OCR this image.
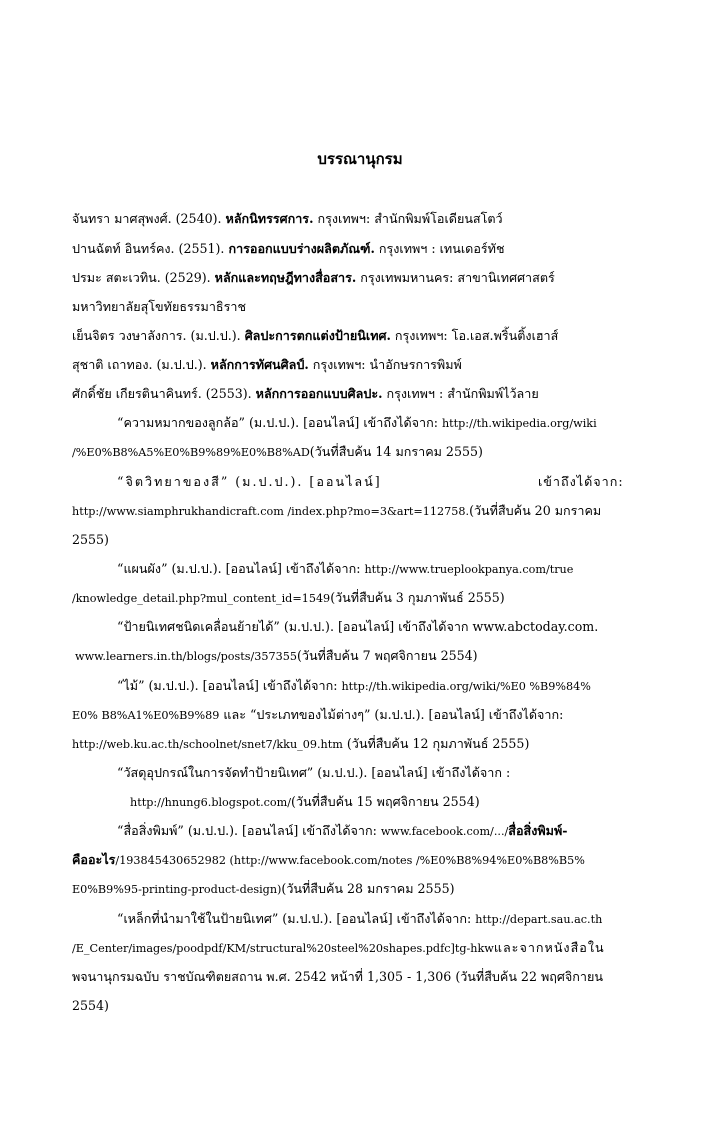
บรรณานุกรม
จันทรา มาศสุพงศ์. (2540). หลักนิทรรศการ. กรุงเทพฯ: สำนักพิมพ์โอเดียนสโตว์
ปานฉัตท์ อินทร์คง. (2551). การออกแบบร่างผลิตภัณฑ์. กรุงเทพฯ : เทนเดอร์ทัช
ปรมะ สตะเวทิน. (2529). หลักและทฤษฎีทางสื่อสาร. กรุงเทพมหานคร: สาขานิเทศศาสตร์
มหาวิทยาลัยสุโขทัยธรรมาธิราช
เย็นจิตร วงษาลังการ. (ม.ป.ป.). ศิลปะการตกแต่งป้ายนิเทศ. กรุงเทพฯ: โอ.เอส.พริ้นติ้งเฮาส์
สุชาติ เถาทอง. (ม.ป.ป.). หลักการทัศนศิลป์. กรุงเทพฯ: นำอักษรการพิมพ์
ศักดิ์ชัย เกียรตินาคินทร์. (2553). หลักการออกแบบศิลปะ. กรุงเทพฯ : สำนักพิมพ์ไว้ลาย
“ความหมากของลูกล้อ” (ม.ป.ป.). [ออนไลน์] เข้าถึงได้จาก: http://th.wikipedia.org/wiki
/%E0%B8%A5%E0%B9%89%E0%B8%AD(วันที่สืบค้น 14 มกราคม 2555)
“จิตวิทยาของสี” (ม.ป.ป.). [ออนไลน์]	เข้าถึงได้จาก:
http://www.siamphrukhandicraft.com /index.php?mo=3&art=112758.(วันที่สืบค้น 20 มกราคม
2555)
“แผนผัง” (ม.ป.ป.). [ออนไลน์] เข้าถึงได้จาก: http://www.trueplookpanya.com/true
/knowledge_detail.php?mul_content_id=1549(วันที่สืบค้น 3 กุมภาพันธ์ 2555)
“ป้ายนิเทศชนิดเคลื่อนย้ายได้” (ม.ป.ป.). [ออนไลน์] เข้าถึงได้จาก www.abctoday.com.
www.learners.in.th/blogs/posts/357355(วันที่สืบค้น 7 พฤศจิกายน 2554)
“ไม้” (ม.ป.ป.). [ออนไลน์] เข้าถึงได้จาก: http://th.wikipedia.org/wiki/%E0 %B9%84%
E0% B8%A1%E0%B9%89 และ “ประเภทของไม้ต่างๆ” (ม.ป.ป.). [ออนไลน์] เข้าถึงได้จาก:
http://web.ku.ac.th/schoolnet/snet7/kku_09.htm (วันที่สืบค้น 12 กุมภาพันธ์ 2555)
“วัสดุอุปกรณ์ในการจัดทำป้ายนิเทศ” (ม.ป.ป.). [ออนไลน์] เข้าถึงได้จาก :
http://hnung6.blogspot.com/(วันที่สืบค้น 15 พฤศจิกายน 2554)
“สื่อสิ่งพิมพ์” (ม.ป.ป.). [ออนไลน์] เข้าถึงได้จาก: www.facebook.com/.../สื่อสิ่งพิมพ์-
คืออะไร/193845430652982 (http://www.facebook.com/notes /%E0%B8%94%E0%B8%B5%
E0%B9%95-printing-product-design)(วันที่สืบค้น 28 มกราคม 2555)
“เหล็กที่นำมาใช้ในป้ายนิเทศ” (ม.ป.ป.). [ออนไลน์] เข้าถึงได้จาก: http://depart.sau.ac.th
/E_Center/images/poodpdf/KM/structural%20steel%20shapes.pdfc]tg-hkwและจากหนังสือใน
พจนานุกรมฉบับ ราชบัณฑิตยสถาน พ.ศ. 2542 หน้าที่ 1,305 - 1,306 (วันที่สืบค้น 22 พฤศจิกายน
2554)
